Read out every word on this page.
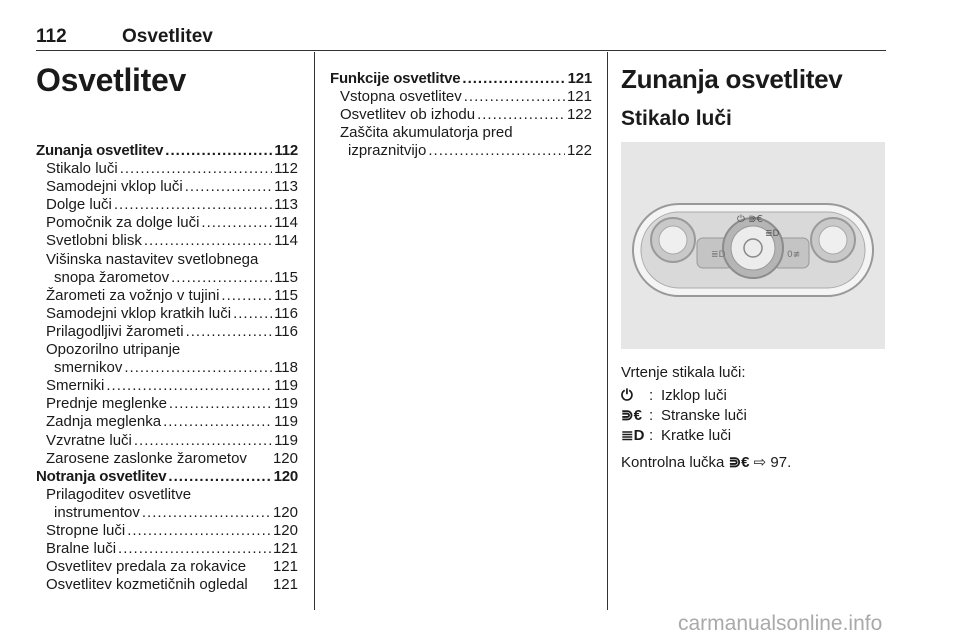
112	Osvetlitev
Osvetlitev
Zunanja osvetlitev .....	112
Stikalo luči .....	112
Samodejni vklop luči .....	113
Dolge luči .....	113
Pomočnik za dolge luči .....	114
Svetlobni blisk .....	114
Višinska nastavitev svetlobnega
snopa žarometov .....	115
Žarometi za vožnjo v tujini .....	115
Samodejni vklop kratkih luči .....	116
Prilagodljivi žarometi .....	116
Opozorilno utripanje
smernikov .....	118
Smerniki .....	119
Prednje meglenke .....	119
Zadnja meglenka .....	119
Vzvratne luči .....	119
Zarosene zaslonke žarometov 120
Notranja osvetlitev .....	120
Prilagoditev osvetlitve
instrumentov .....	120
Stropne luči .....	120
Bralne luči .....	121
Osvetlitev predala za rokavice 121
Osvetlitev kozmetičnih ogledal 121
Funkcije osvetlitve .....	121
Vstopna osvetlitev .....	121
Osvetlitev ob izhodu .....	122
Zaščita akumulatorja pred
izpraznitvijo .....	122
Zunanja osvetlitev
Stikalo luči
⏻ ⋑€
≣D
≣D	0≢
Vrtenje stikala luči:
⏻	: Izklop luči
⋑€ : Stranske luči
≣D : Kratke luči
Kontrolna lučka ⋑€ ⇨ 97.
carmanualsonline.info
